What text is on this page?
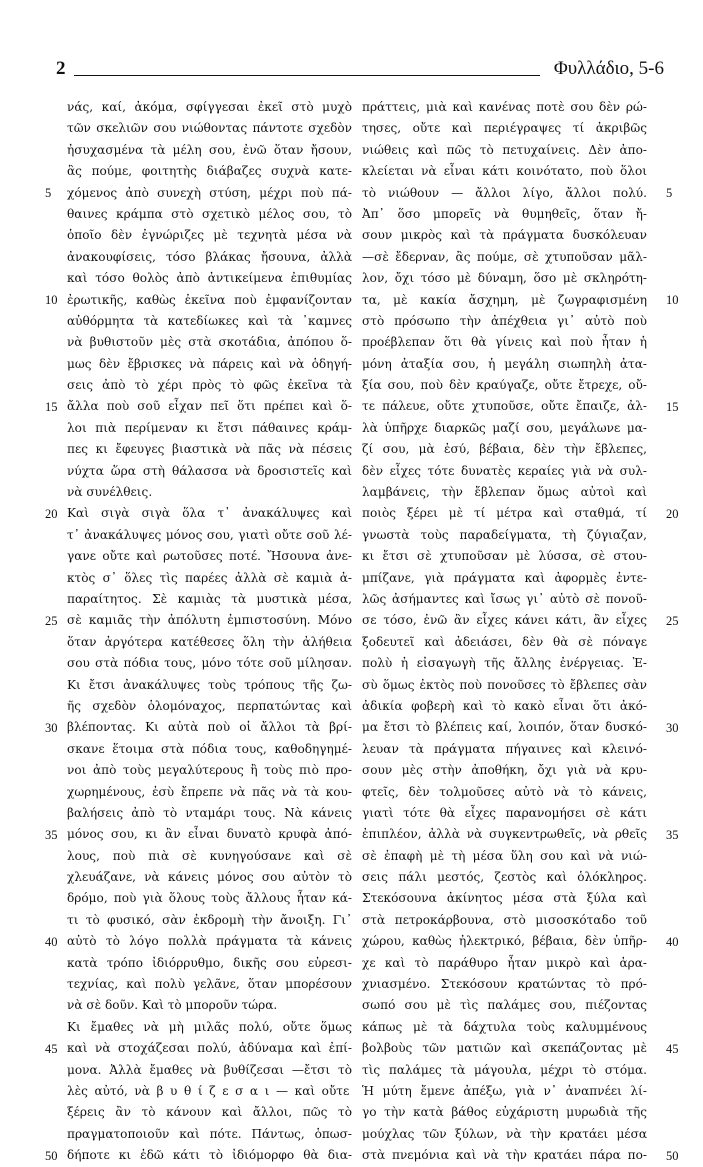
2	Φυλλάδιο, 5-6
νάς, καί, ἀκόμα, σφίγγεσαι ἐκεῖ στὸ μυχὸ
τῶν σκελιῶν σου νιώθοντας πάντοτε σχεδὸν
ἠσυχασμένα τὰ μέλη σου, ἐνῶ ὅταν ἤσουν,
ἂς πούμε, φοιτητὴς διάβαζες συχνὰ κατε-
χόμενος ἀπὸ συνεχὴ στύση, μέχρι ποὺ πά-
θαινες κράμπα στὸ σχετικὸ μέλος σου, τὸ
ὁποῖο δὲν ἐγνώριζες μὲ τεχνητὰ μέσα νὰ
ἀνακουφίσεις, τόσο βλάκας ἤσουνα, ἀλλὰ
καὶ τόσο θολὸς ἀπὸ ἀντικείμενα ἐπιθυμίας
ἐρωτικῆς, καθὼς ἐκεῖνα ποὺ ἐμφανίζονταν
αὐθόρμητα τὰ κατεδίωκες καὶ τὰ ᾽καμνες
νὰ βυθιστοῦν μὲς στὰ σκοτάδια, ἀπόπου ὅ-
μως δὲν ἔβρισκες νὰ πάρεις καὶ νὰ ὁδηγή-
σεις ἀπὸ τὸ χέρι πρὸς τὸ φῶς ἐκεῖνα τὰ
ἄλλα ποὺ σοῦ εἶχαν πεῖ ὅτι πρέπει καὶ ὅ-
λοι πιὰ περίμεναν κι ἔτσι πάθαινες κράμ-
πες κι ἔφευγες βιαστικὰ νὰ πᾶς νὰ πέσεις
νύχτα ὥρα στὴ θάλασσα νὰ δροσιστεῖς καὶ
νὰ συνέλθεις.
Καὶ σιγὰ σιγὰ ὅλα τ᾽ ἀνακάλυψες καὶ
τ᾽ ἀνακάλυψες μόνος σου, γιατὶ οὔτε σοῦ λέ-
γανε οὔτε καὶ ρωτοῦσες ποτέ. Ἤσουνα ἀνε-
κτὸς σ᾽ ὅλες τὶς παρέες ἀλλὰ σὲ καμιὰ ἀ-
παραίτητος. Σὲ καμιὰς τὰ μυστικὰ μέσα,
σὲ καμιᾶς τὴν ἀπόλυτη ἐμπιστοσύνη. Μόνο
ὅταν ἀργότερα κατέθεσες ὅλη τὴν ἀλήθεια
σου στὰ πόδια τους, μόνο τότε σοῦ μίλησαν.
Κι ἔτσι ἀνακάλυψες τοὺς τρόπους τῆς ζω-
ῆς σχεδὸν ὁλομόναχος, περπατώντας καὶ
βλέποντας. Κι αὐτὰ ποὺ οἱ ἄλλοι τὰ βρί-
σκανε ἕτοιμα στὰ πόδια τους, καθοδηγημέ-
νοι ἀπὸ τοὺς μεγαλύτερους ἢ τοὺς πιὸ προ-
χωρημένους, ἐσὺ ἔπρεπε νὰ πᾶς νὰ τὰ κου-
βαλήσεις ἀπὸ τὸ νταμάρι τους. Νὰ κάνεις
μόνος σου, κι ἂν εἶναι δυνατὸ κρυφὰ ἀπό-
λους, ποὺ πιὰ σὲ κυνηγούσανε καὶ σὲ
χλευάζανε, νὰ κάνεις μόνος σου αὐτὸν τὸ
δρόμο, ποὺ γιὰ ὅλους τοὺς ἄλλους ἦταν κά-
τι τὸ φυσικό, σὰν ἐκδρομὴ τὴν ἄνοιξη. Γι᾽
αὐτὸ τὸ λόγο πολλὰ πράγματα τὰ κάνεις
κατὰ τρόπο ἰδιόρρυθμο, δικῆς σου εὑρεσι-
τεχνίας, καὶ πολὺ γελᾶνε, ὅταν μπορέσουν
νὰ σὲ δοῦν. Καὶ τὸ μποροῦν τώρα.
Κι ἔμαθες νὰ μὴ μιλᾶς πολύ, οὔτε ὅμως
καὶ νὰ στοχάζεσαι πολύ, ἀδύναμα καὶ ἐπί-
μονα. Ἀλλὰ ἔμαθες νὰ βυθίζεσαι —ἔτσι τὸ
λὲς αὐτό, νὰ β υ θ ί ζ ε σ α ι — καὶ οὔτε
ξέρεις ἂν τὸ κάνουν καὶ ἄλλοι, πῶς τὸ
πραγματοποιοῦν καὶ πότε. Πάντως, ὁπωσ-
δήποτε κι ἐδῶ κάτι τὸ ἰδιόμορφο θὰ δια-
πράττεις, μιὰ καὶ κανένας ποτὲ σου δὲν ρώ-
τησες, οὔτε καὶ περιέγραψες τί ἀκριβῶς
νιώθεις καὶ πῶς τὸ πετυχαίνεις. Δὲν ἀπο-
κλείεται νὰ εἶναι κάτι κοινότατο, ποὺ ὅλοι
τὸ νιώθουν — ἄλλοι λίγο, ἄλλοι πολύ.
Ἀπ᾽ ὅσο μπορεῖς νὰ θυμηθεῖς, ὅταν ἤ-
σουν μικρὸς καὶ τὰ πράγματα δυσκόλευαν
—σὲ ἔδερναν, ἂς πούμε, σὲ χτυποῦσαν μᾶλ-
λον, ὄχι τόσο μὲ δύναμη, ὅσο μὲ σκληρότη-
τα, μὲ κακία ἄσχημη, μὲ ζωγραφισμένη
στὸ πρόσωπο τὴν ἀπέχθεια γι᾽ αὐτὸ ποὺ
προέβλεπαν ὅτι θὰ γίνεις καὶ ποὺ ἦταν ἡ
μόνη ἀταξία σου, ἡ μεγάλη σιωπηλὴ ἀτα-
ξία σου, ποὺ δὲν κραύγαζε, οὔτε ἔτρεχε, οὔ-
τε πάλευε, οὔτε χτυποῦσε, οὔτε ἔπαιζε, ἀλ-
λὰ ὑπῆρχε διαρκῶς μαζί σου, μεγάλωνε μα-
ζί σου, μὰ ἐσύ, βέβαια, δὲν τὴν ἔβλεπες,
δὲν εἶχες τότε δυνατὲς κεραίες γιὰ νὰ συλ-
λαμβάνεις, τὴν ἔβλεπαν ὅμως αὐτοὶ καὶ
ποιὸς ξέρει μὲ τί μέτρα καὶ σταθμά, τί
γνωστὰ τοὺς παραδείγματα, τὴ ζύγιαζαν,
κι ἔτσι σὲ χτυποῦσαν μὲ λύσσα, σὲ στου-
μπίζανε, γιὰ πράγματα καὶ ἀφορμὲς ἐντε-
λῶς ἀσήμαντες καὶ ἴσως γι᾽ αὐτὸ σὲ πονοῦ-
σε τόσο, ἐνῶ ἂν εἶχες κάνει κάτι, ἂν εἶχες
ξοδευτεῖ καὶ ἀδειάσει, δὲν θὰ σὲ πόναγε
πολὺ ἡ εἰσαγωγὴ τῆς ἄλλης ἐνέργειας. Ἐ-
σὺ ὅμως ἐκτὸς ποὺ πονοῦσες τὸ ἔβλεπες σὰν
ἀδικία φοβερὴ καὶ τὸ κακὸ εἶναι ὅτι ἀκό-
μα ἔτσι τὸ βλέπεις καί, λοιπόν, ὅταν δυσκό-
λευαν τὰ πράγματα πήγαινες καὶ κλεινό-
σουν μὲς στὴν ἀποθήκη, ὄχι γιὰ νὰ κρυ-
φτεῖς, δὲν τολμοῦσες αὐτὸ νὰ τὸ κάνεις,
γιατὶ τότε θὰ εἶχες παρανομήσει σὲ κάτι
ἐπιπλέον, ἀλλὰ νὰ συγκεντρωθεῖς, νὰ ρθεῖς
σὲ ἐπαφὴ μὲ τὴ μέσα ὕλη σου καὶ νὰ νιώ-
σεις πάλι μεστός, ζεστὸς καὶ ὁλόκληρος.
Στεκόσουνα ἀκίνητος μέσα στὰ ξύλα καὶ
στὰ πετροκάρβουνα, στὸ μισοσκόταδο τοῦ
χώρου, καθὼς ἠλεκτρικό, βέβαια, δὲν ὑπῆρ-
χε καὶ τὸ παράθυρο ἦταν μικρὸ καὶ ἀρα-
χνιασμένο. Στεκόσουν κρατώντας τὸ πρό-
σωπό σου μὲ τὶς παλάμες σου, πιέζοντας
κάπως μὲ τὰ δάχτυλα τοὺς καλυμμένους
βολβοὺς τῶν ματιῶν καὶ σκεπάζοντας μὲ
τὶς παλάμες τὰ μάγουλα, μέχρι τὸ στόμα.
Ἡ μύτη ἔμενε ἀπέξω, γιὰ ν᾽ ἀναπνέει λί-
γο τὴν κατὰ βάθος εὐχάριστη μυρωδιὰ τῆς
μούχλας τῶν ξύλων, νὰ τὴν κρατάει μέσα
στὰ πνεμόνια καὶ νὰ τὴν κρατάει πάρα πο-
5	5
10	10
15	15
20	20
25	25
30	30
35	35
40	40
45	45
50	50
